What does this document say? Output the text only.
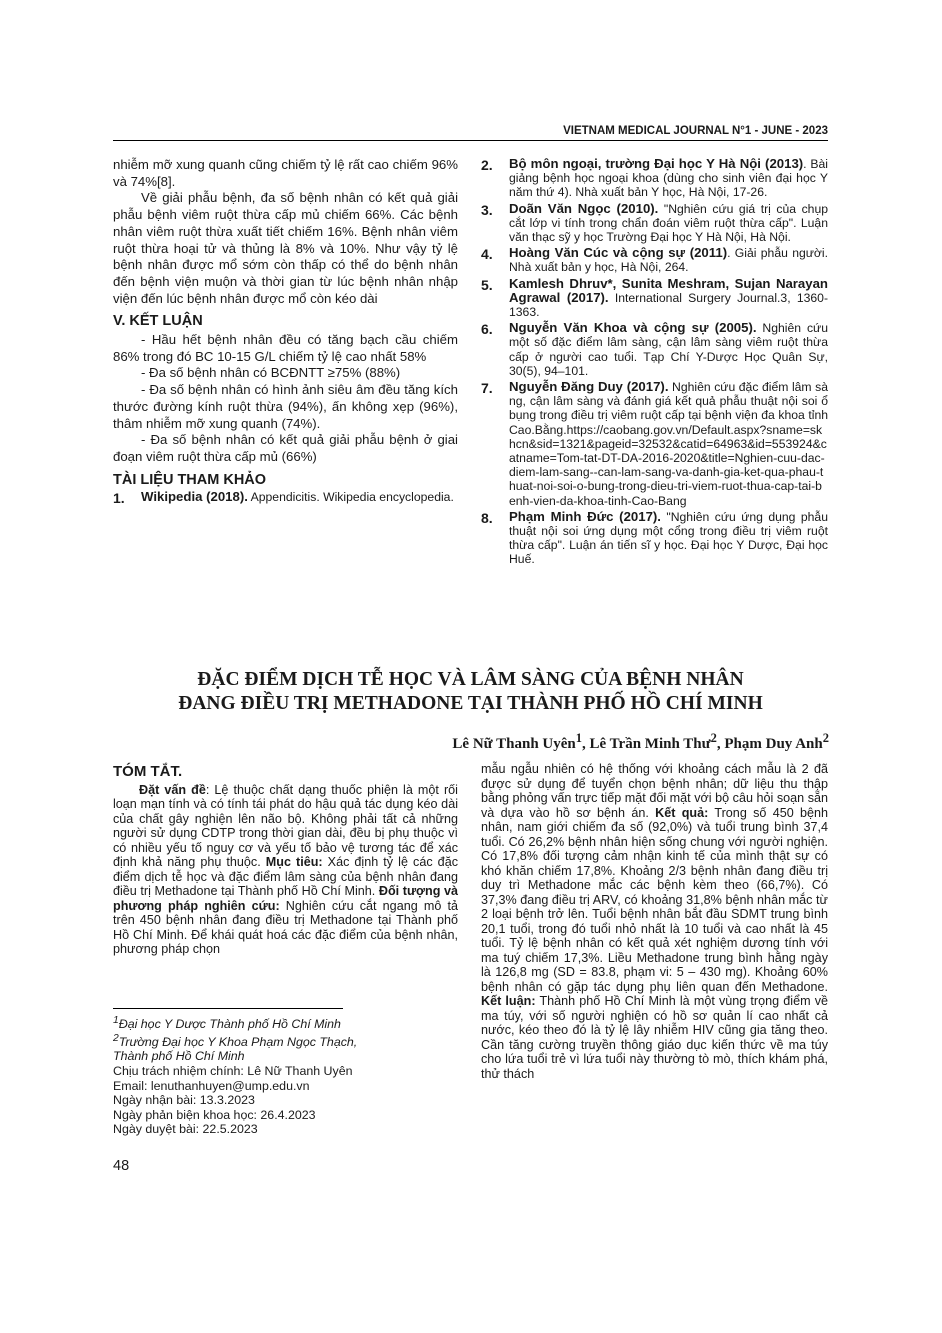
VIETNAM MEDICAL JOURNAL N°1 - JUNE - 2023

nhiễm mỡ xung quanh cũng chiếm tỷ lệ rất cao chiếm 96% và 74%[8].

Về giải phẫu bệnh, đa số bệnh nhân có kết quả giải phẫu bệnh viêm ruột thừa cấp mủ chiếm 66%. Các bệnh nhân viêm ruột thừa xuất tiết chiếm 16%. Bệnh nhân viêm ruột thừa hoại tử và thủng là 8% và 10%. Như vậy tỷ lệ bệnh nhân được mổ sớm còn thấp có thể do bệnh nhân đến bệnh viện muộn và thời gian từ lúc bệnh nhân nhập viện đến lúc bệnh nhân được mổ còn kéo dài

V. KẾT LUẬN

- Hầu hết bệnh nhân đều có tăng bạch cầu chiếm 86% trong đó BC 10-15 G/L chiếm tỷ lệ cao nhất 58%

- Đa số bệnh nhân có BCĐNTT ≥75% (88%)

- Đa số bệnh nhân có hình ảnh siêu âm đều tăng kích thước đường kính ruột thừa (94%), ấn không xẹp (96%), thâm nhiễm mỡ xung quanh (74%).

- Đa số bệnh nhân có kết quả giải phẫu bệnh ở giai đoạn viêm ruột thừa cấp mủ (66%)

TÀI LIỆU THAM KHẢO
1.	Wikipedia (2018). Appendicitis. Wikipedia encyclopedia.
2.	Bộ môn ngoại, trường Đại học Y Hà Nội (2013). Bài giảng bệnh học ngoại khoa (dùng cho sinh viên đại học Y năm thứ 4). Nhà xuất bản Y học, Hà Nội, 17-26.
3.	Doãn Văn Ngọc (2010). "Nghiên cứu giá trị của chụp cắt lớp vi tính trong chẩn đoán viêm ruột thừa cấp". Luận văn thạc sỹ y học Trường Đại học Y Hà Nội, Hà Nội.
4.	Hoàng Văn Cúc và cộng sự (2011). Giải phẫu người. Nhà xuất bản y học, Hà Nội, 264.
5.	Kamlesh Dhruv*, Sunita Meshram, Sujan Narayan Agrawal (2017). International Surgery Journal.3, 1360-1363.
6.	Nguyễn Văn Khoa và cộng sự (2005). Nghiên cứu một số đặc điểm lâm sàng, cận lâm sàng viêm ruột thừa cấp ở người cao tuổi. Tạp Chí Y-Dược Học Quân Sự, 30(5), 94–101.
7.	Nguyễn Đăng Duy (2017). Nghiên cứu đặc điểm lâm sàng, cận lâm sàng và đánh giá kết quả phẫu thuật nội soi ổ bụng trong điều trị viêm ruột cấp tại bệnh viện đa khoa tỉnh Cao.Bằng.https://caobang.gov.vn/Default.aspx?sname=skhcn&sid=1321&pageid=32532&catid=64963&id=553924&catname=Tom-tat-DT-DA-2016-2020&title=Nghien-cuu-dac-diem-lam-sang--can-lam-sang-va-danh-gia-ket-qua-phau-thuat-noi-soi-o-bung-trong-dieu-tri-viem-ruot-thua-cap-tai-benh-vien-da-khoa-tinh-Cao-Bang
8.	Phạm Minh Đức (2017). "Nghiên cứu ứng dụng phẫu thuật nội soi ứng dụng một cổng trong điều trị viêm ruột thừa cấp". Luận án tiến sĩ y học. Đại học Y Dược, Đại học Huế.
ĐẶC ĐIỂM DỊCH TỄ HỌC VÀ LÂM SÀNG CỦA BỆNH NHÂN
ĐANG ĐIỀU TRỊ METHADONE TẠI THÀNH PHỐ HỒ CHÍ MINH
Lê Nữ Thanh Uyên$^1$, Lê Trần Minh Thư$^2$, Phạm Duy Anh$^2$
TÓM TẮT.

Đặt vấn đề: Lệ thuộc chất dạng thuốc phiện là một rối loạn mạn tính và có tính tái phát do hậu quả tác dụng kéo dài của chất gây nghiện lên não bộ. Không phải tất cả những người sử dụng CDTP trong thời gian dài, đều bị phụ thuộc vì có nhiều yếu tố nguy cơ và yếu tố bảo vệ tương tác để xác định khả năng phụ thuộc. Mục tiêu: Xác định tỷ lệ các đặc điểm dịch tễ học và đặc điểm lâm sàng của bệnh nhân đang điều trị Methadone tại Thành phố Hồ Chí Minh. Đối tượng và phương pháp nghiên cứu: Nghiên cứu cắt ngang mô tả trên 450 bệnh nhân đang điều trị Methadone tại Thành phố Hồ Chí Minh. Để khái quát hoá các đặc điểm của bệnh nhân, phương pháp chọn

$^1$Đại học Y Dược Thành phố Hồ Chí Minh

$^2$Trường Đại học Y Khoa Phạm Ngọc Thạch,

Thành phố Hồ Chí Minh

Chịu trách nhiệm chính: Lê Nữ Thanh Uyên

Email: lenuthanhuyen@ump.edu.vn

Ngày nhận bài: 13.3.2023

Ngày phản biện khoa học: 26.4.2023

Ngày duyệt bài: 22.5.2023

mẫu ngẫu nhiên có hệ thống với khoảng cách mẫu là 2 đã được sử dụng để tuyển chọn bệnh nhân; dữ liệu thu thập bằng phỏng vấn trực tiếp mặt đối mặt với bộ câu hỏi soạn sẵn và dựa vào hồ sơ bệnh án. Kết quả: Trong số 450 bệnh nhân, nam giới chiếm đa số (92,0%) và tuổi trung bình 37,4 tuổi. Có 26,2% bệnh nhân hiện sống chung với người nghiện. Có 17,8% đối tượng cảm nhận kinh tế của mình thật sự có khó khăn chiếm 17,8%. Khoảng 2/3 bệnh nhân đang điều trị duy trì Methadone mắc các bệnh kèm theo (66,7%). Có 37,3% đang điều trị ARV, có khoảng 31,8% bệnh nhân mắc từ 2 loại bệnh trở lên. Tuổi bệnh nhân bắt đầu SDMT trung bình 20,1 tuổi, trong đó tuổi nhỏ nhất là 10 tuổi và cao nhất là 45 tuổi. Tỷ lệ bệnh nhân có kết quả xét nghiệm dương tính với ma tuý chiếm 17,3%. Liều Methadone trung bình hằng ngày là 126,8 mg (SD = 83.8, phạm vi: 5 – 430 mg). Khoảng 60% bệnh nhân có gặp tác dụng phụ liên quan đến Methadone. Kết luận: Thành phố Hồ Chí Minh là một vùng trọng điểm về ma túy, với số người nghiện có hồ sơ quản lí cao nhất cả nước, kéo theo đó là tỷ lệ lây nhiễm HIV cũng gia tăng theo. Cần tăng cường truyền thông giáo dục kiến thức về ma túy cho lứa tuổi trẻ vì lứa tuổi này thường tò mò, thích khám phá, thử thách

48
